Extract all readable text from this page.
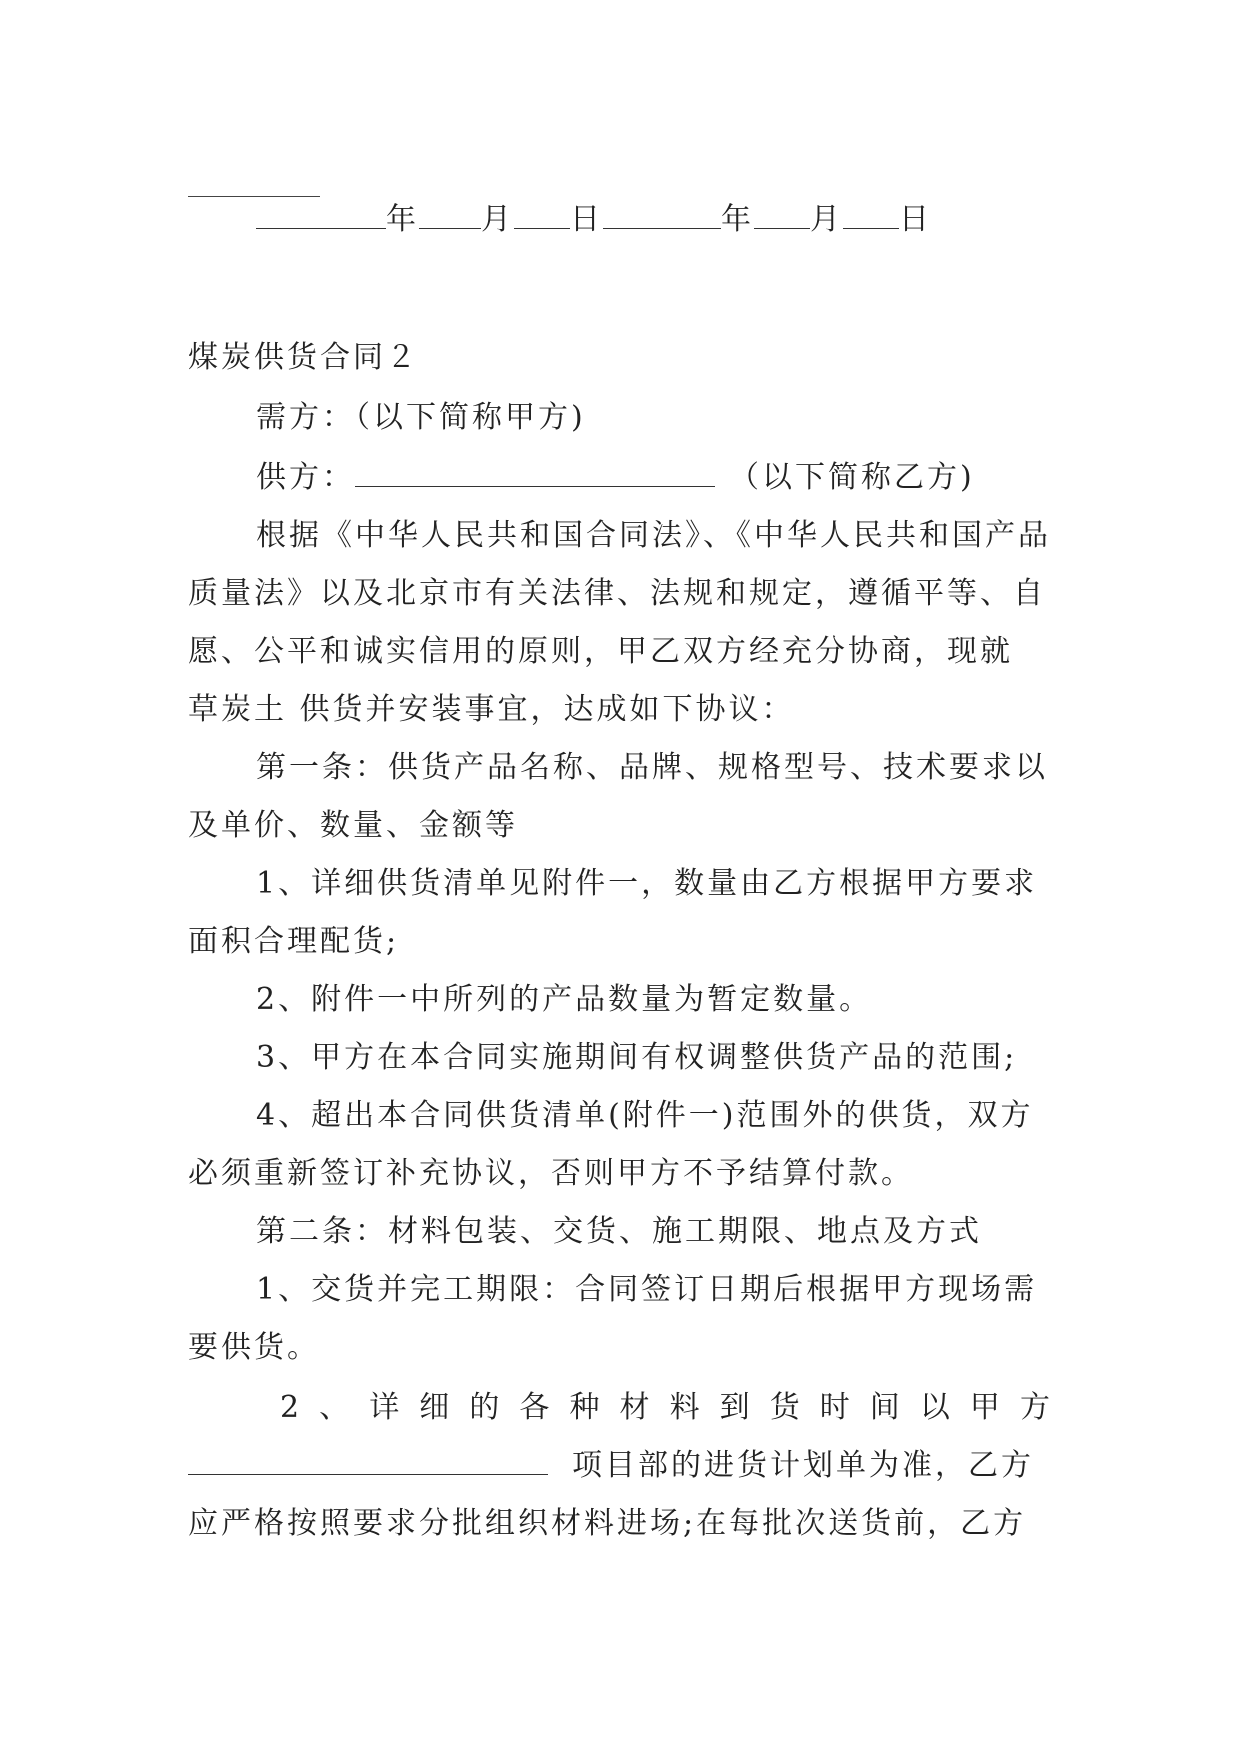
年 月 日	年 月 日
煤炭供货合同２
需方：（以下简称甲方)
供方：	（以下简称乙方)
根据《中华人民共和国合同法》、《中华人民共和国产品
质量法》以及北京市有关法律、法规和规定，遵循平等、自
愿、公平和诚实信用的原则，甲乙双方经充分协商，现就
草炭土 供货并安装事宜，达成如下协议：
第一条：供货产品名称、品牌、规格型号、技术要求以
及单价、数量、金额等
1、详细供货清单见附件一，数量由乙方根据甲方要求
面积合理配货;
2、附件一中所列的产品数量为暂定数量。
3、甲方在本合同实施期间有权调整供货产品的范围;
4、超出本合同供货清单(附件一)范围外的供货，双方
必须重新签订补充协议，否则甲方不予结算付款。
第二条：材料包装、交货、施工期限、地点及方式
1、交货并完工期限：合同签订日期后根据甲方现场需
要供货。
2、详细的各种材料到货时间以甲方
项目部的进货计划单为准，乙方
应严格按照要求分批组织材料进场;在每批次送货前，乙方
